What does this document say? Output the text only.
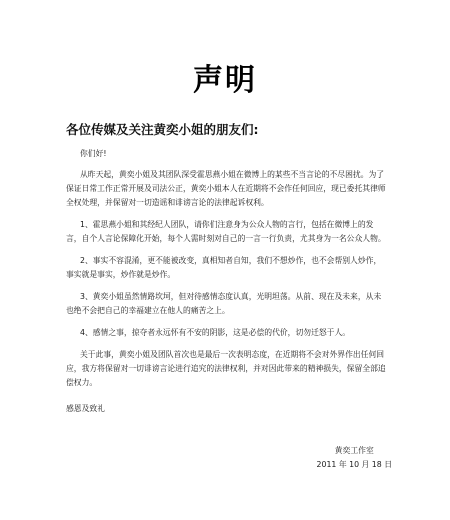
声明
各位传媒及关注黄奕小姐的朋友们:

你们好!

从昨天起，黄奕小姐及其团队深受霍思燕小姐在微博上的某些不当言论的不尽困扰。为了保证日常工作正常开展及司法公正，黄奕小姐本人在近期将不会作任何回应，现已委托其律师全权处理，并保留对一切造谣和诽谤言论的法律起诉权利。

1、霍思燕小姐和其经纪人团队，请你们注意身为公众人物的言行，包括在微博上的发言，自个人言论保障化开始，每个人需时刻对自己的一言一行负责，尤其身为一名公众人物。

2、事实不容混淆，更不能被改变，真相知者自知，我们不想炒作，也不会帮别人炒作，事实就是事实，炒作就是炒作。

3、黄奕小姐虽然情路坎坷，但对待感情态度认真，光明坦荡。从前、现在及未来，从未也绝不会把自己的幸福建立在他人的痛苦之上。

4、感情之事，掠夺者永远怀有不安的阴影，这是必偿的代价，切勿迁怒于人。

关于此事，黄奕小姐及团队首次也是最后一次表明态度，在近期将不会对外界作出任何回应，我方将保留对一切诽谤言论进行追究的法律权利，并对因此带来的精神损失，保留全部追偿权力。

感恩及致礼

黄奕工作室
2011 年 10 月 18 日
